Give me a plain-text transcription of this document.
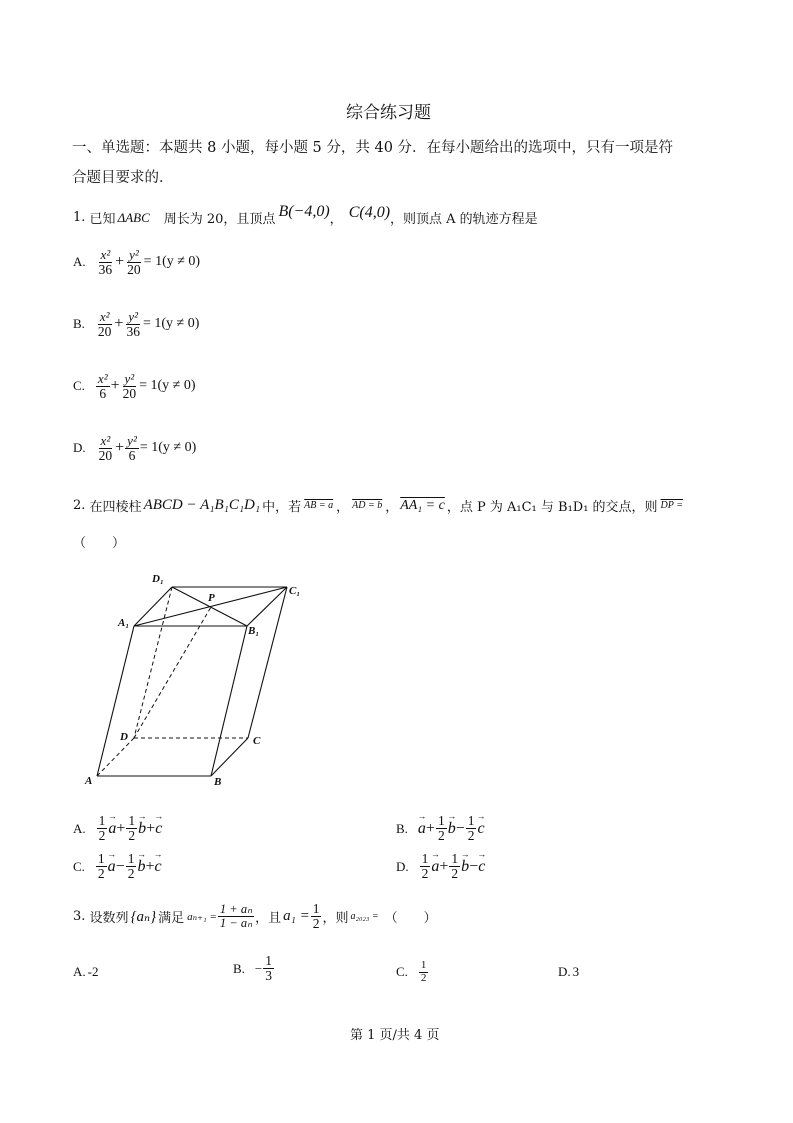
综合练习题
一、单选题：本题共 8 小题，每小题 5 分，共 40 分．在每小题给出的选项中，只有一项是符
合题目要求的．
1.
已知 ΔABC 周长为 20，且顶点 B(−4,0) ， C(4,0) ，则顶点 A 的轨迹方程是
A. $\frac{\text{x²}}{36} + \frac{\text{y²}}{20} = 1(y \ne 0)$
B. $\frac{\text{x²}}{20} + \frac{\text{y²}}{36} = 1(y \ne 0)$
C. $\frac{\text{x²}}{6} + \frac{\text{y²}}{20} = 1(y \ne 0)$
D. $\frac{\text{x²}}{20} + \frac{\text{y²}}{6} = 1(y \ne 0)$
2.
在四棱柱 ABCD − A₁B₁C₁D₁ 中，若 AB = a ， AD = b ， AA₁ = c ，点 P 为 A₁C₁ 与 B₁D₁ 的交点，则 DP =
（　　）
D₁
C₁
P
A₁
B₁
D	C
A	B
A. $\frac{1}{2} \to a + \frac{1}{2} \to b$ + → c	B. → $a + \frac{1}{2} \to b - \frac{1}{2} \to c$
C. $\frac{1}{2} \to a - \frac{1}{2} \to b$ + → c	D. $\frac{1}{2} \to a + \frac{1}{2} \to b$ − → c
3.
设数列 {aₙ} 满足 $a_{n+1} = \frac{\text{1 + aₙ}}{\text{1 − aₙ}}$ ，且 $a_1 = \frac{1}{2}$ ，则 a₂₀₂₃ = （　　）
A. -2	B. − $\frac{1}{3}$	C. $\frac{1}{2}$	D. 3
第 1 页/共 4 页
